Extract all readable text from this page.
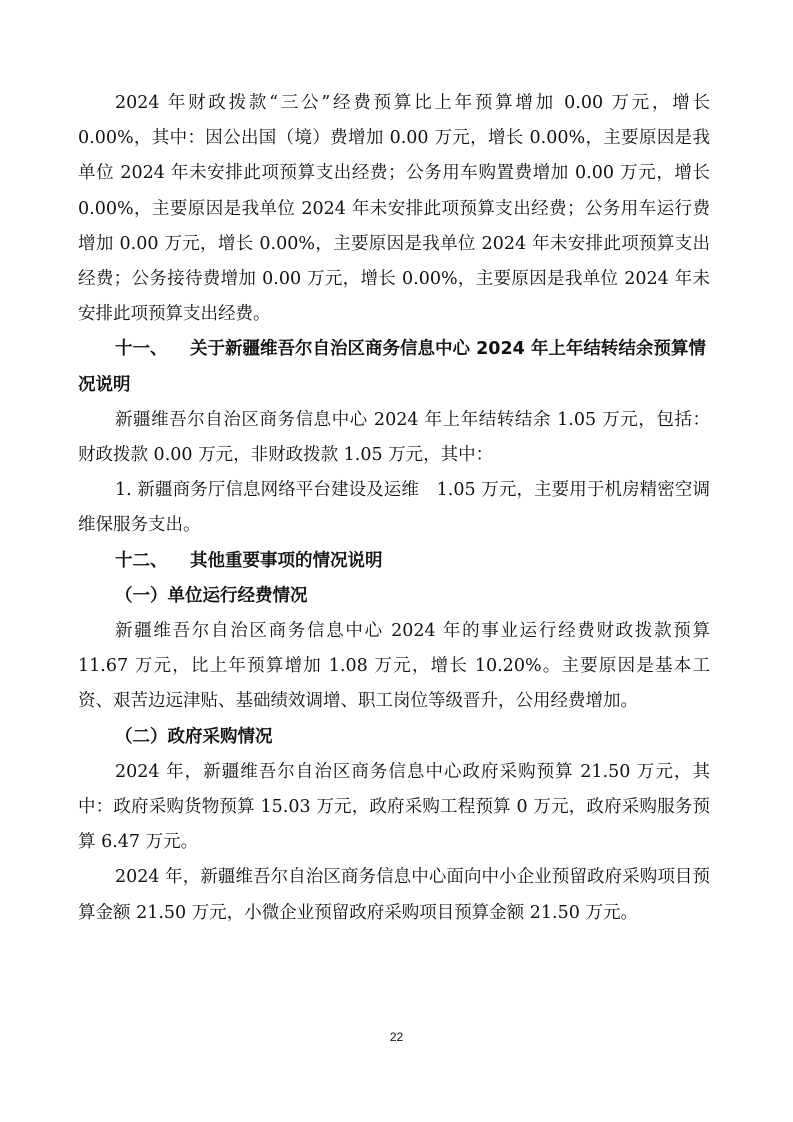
2024 年财政拨款“三公”经费预算比上年预算增加 0.00 万元，增长 0.00%，其中：因公出国（境）费增加 0.00 万元，增长 0.00%，主要原因是我单位 2024 年未安排此项预算支出经费；公务用车购置费增加 0.00 万元，增长 0.00%，主要原因是我单位 2024 年未安排此项预算支出经费；公务用车运行费增加 0.00 万元，增长 0.00%，主要原因是我单位 2024 年未安排此项预算支出经费；公务接待费增加 0.00 万元，增长 0.00%，主要原因是我单位 2024 年未安排此项预算支出经费。

十一、 关于新疆维吾尔自治区商务信息中心 2024 年上年结转结余预算情况说明

新疆维吾尔自治区商务信息中心 2024 年上年结转结余 1.05 万元，包括：财政拨款 0.00 万元，非财政拨款 1.05 万元，其中：

1. 新疆商务厅信息网络平台建设及运维　1.05 万元，主要用于机房精密空调维保服务支出。

十二、 其他重要事项的情况说明

（一）单位运行经费情况

新疆维吾尔自治区商务信息中心 2024 年的事业运行经费财政拨款预算 11.67 万元，比上年预算增加 1.08 万元，增长 10.20%。主要原因是基本工资、艰苦边远津贴、基础绩效调增、职工岗位等级晋升，公用经费增加。

（二）政府采购情况

2024 年，新疆维吾尔自治区商务信息中心政府采购预算 21.50 万元，其中：政府采购货物预算 15.03 万元，政府采购工程预算 0 万元，政府采购服务预算 6.47 万元。

2024 年，新疆维吾尔自治区商务信息中心面向中小企业预留政府采购项目预算金额 21.50 万元，小微企业预留政府采购项目预算金额 21.50 万元。

22
